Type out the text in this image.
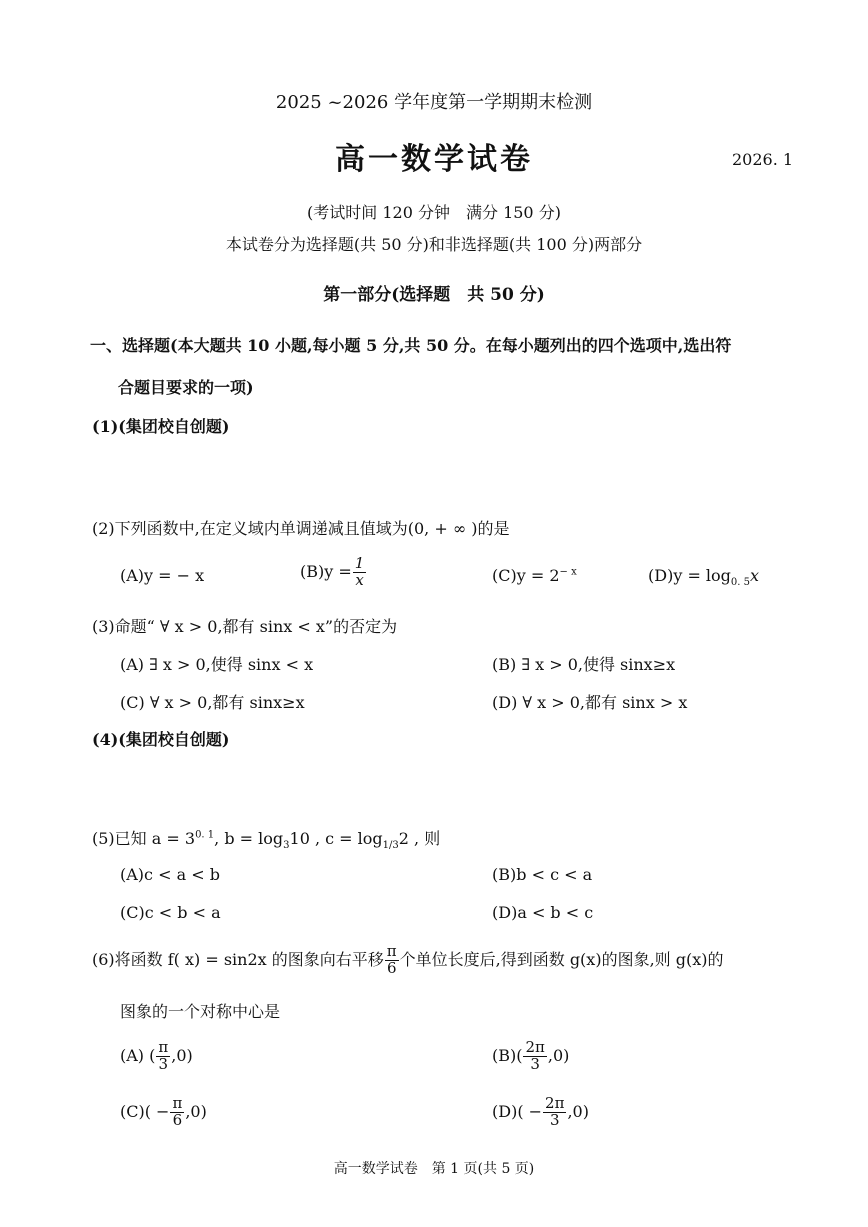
2025 ~2026 学年度第一学期期末检测
高一数学试卷	2026. 1
(考试时间 120 分钟　满分 150 分)
本试卷分为选择题(共 50 分)和非选择题(共 100 分)两部分
第一部分(选择题　共 50 分)
一、选择题(本大题共 10 小题,每小题 5 分,共 50 分。在每小题列出的四个选项中,选出符
合题目要求的一项)
(1)(集团校自创题)
(2)下列函数中,在定义域内单调递减且值域为(0, + ∞ )的是
(A)y = − x	$(B)y = \frac{1}{x}$	$(C)y = 2^{- x}$	$(D)y = \log_{0. 5}x$
(3)命题“ ∀ x > 0,都有 sinx < x”的否定为
(A) ∃ x > 0,使得 sinx < x	(B) ∃ x > 0,使得 sinx≥x
(C) ∀ x > 0,都有 sinx≥x	(D) ∀ x > 0,都有 sinx > x
(4)(集团校自创题)
(5)已知 $a = 3^{0. 1}$, $b = \log_310$ , $c = \log_{1/3}2$ , 则
(A)c < a < b	(B)b < c < a
(C)c < b < a	(D)a < b < c
(6)将函数 f( x) = sin2x 的图象向右平移 $\frac{\pi}{6}$ 个单位长度后,得到函数 g(x)的图象,则 g(x)的
图象的一个对称中心是
(A) ( $\frac{\pi}{3} ,0$)	$(B)( \frac{2\pi}{3} ,0)$
$(C)( - \frac{\pi}{6} ,0)$	$(D)( - \frac{2\pi}{3} ,0)$
高一数学试卷　第 1 页(共 5 页)
